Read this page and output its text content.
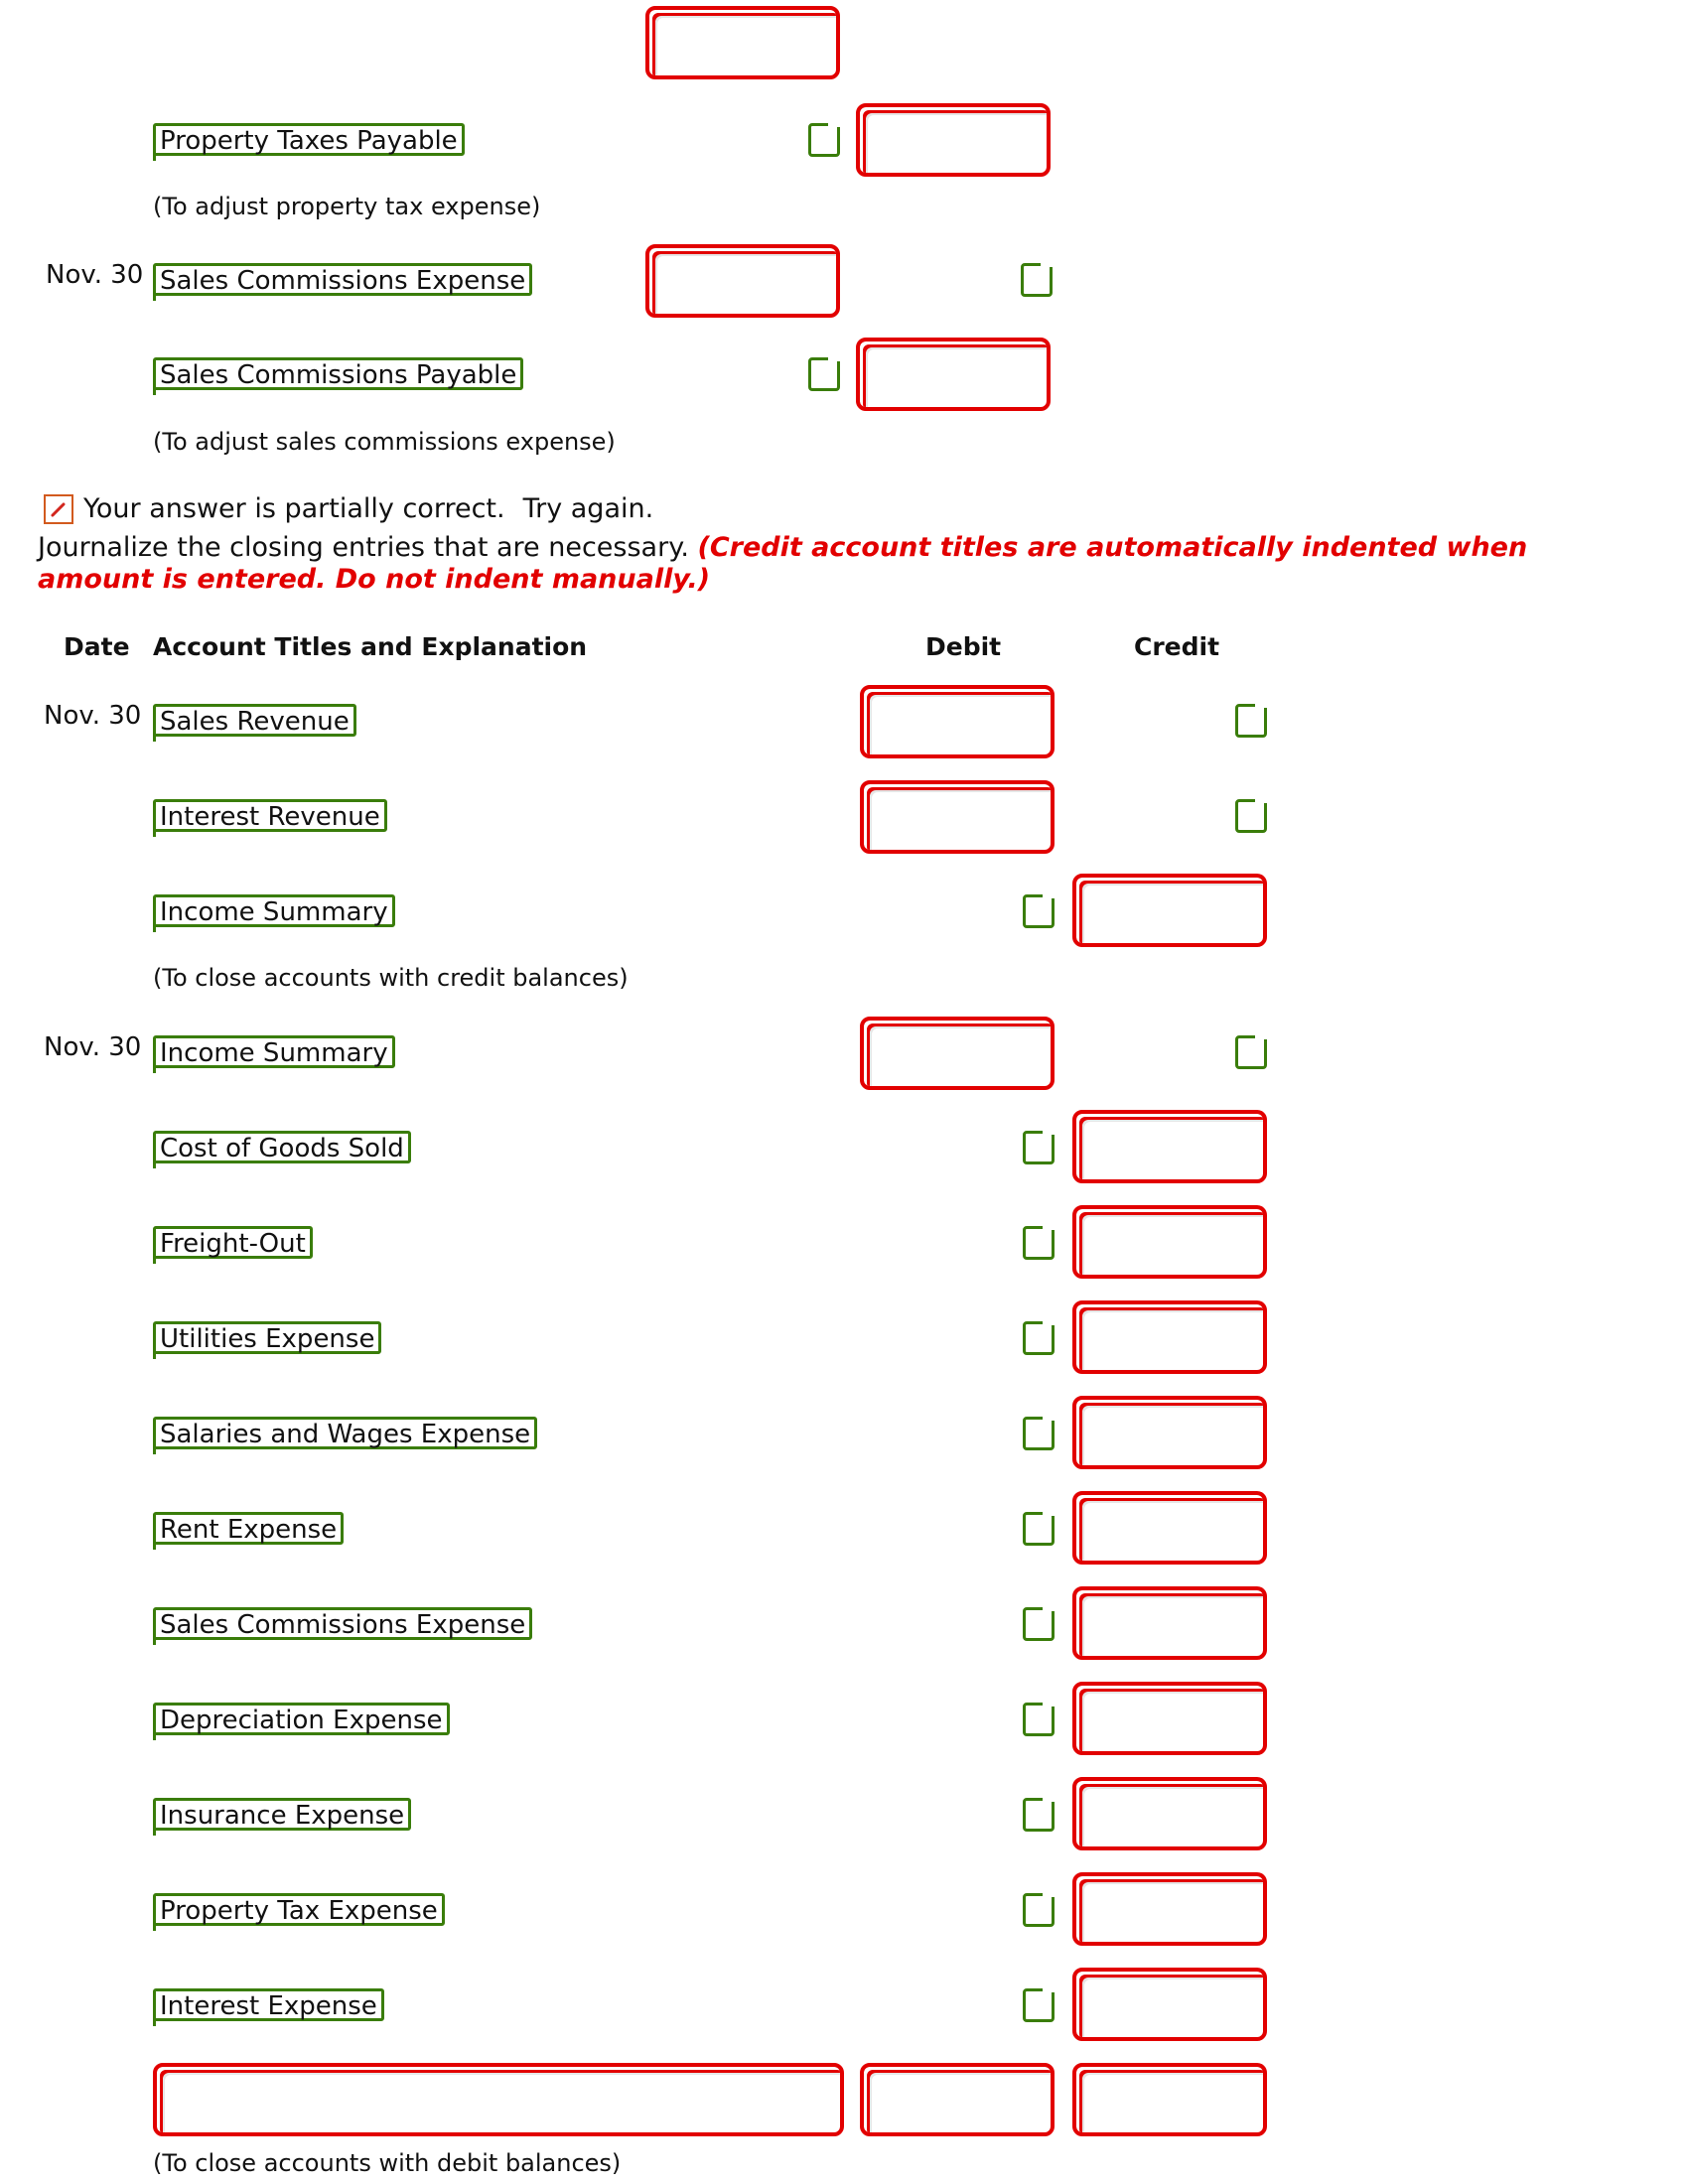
Property Taxes Payable
(To adjust property tax expense)
Nov. 30 Sales Commissions Expense
Sales Commissions Payable
(To adjust sales commissions expense)
Your answer is partially correct. Try again.
Journalize the closing entries that are necessary. (Credit account titles are automatically indented when amount is entered. Do not indent manually.)
Date Account Titles and Explanation	Debit	Credit
Nov. 30 Sales Revenue
Interest Revenue
Income Summary
(To close accounts with credit balances)
Nov. 30 Income Summary
Cost of Goods Sold
Freight-Out
Utilities Expense
Salaries and Wages Expense
Rent Expense
Sales Commissions Expense
Depreciation Expense
Insurance Expense
Property Tax Expense
Interest Expense
(To close accounts with debit balances)
